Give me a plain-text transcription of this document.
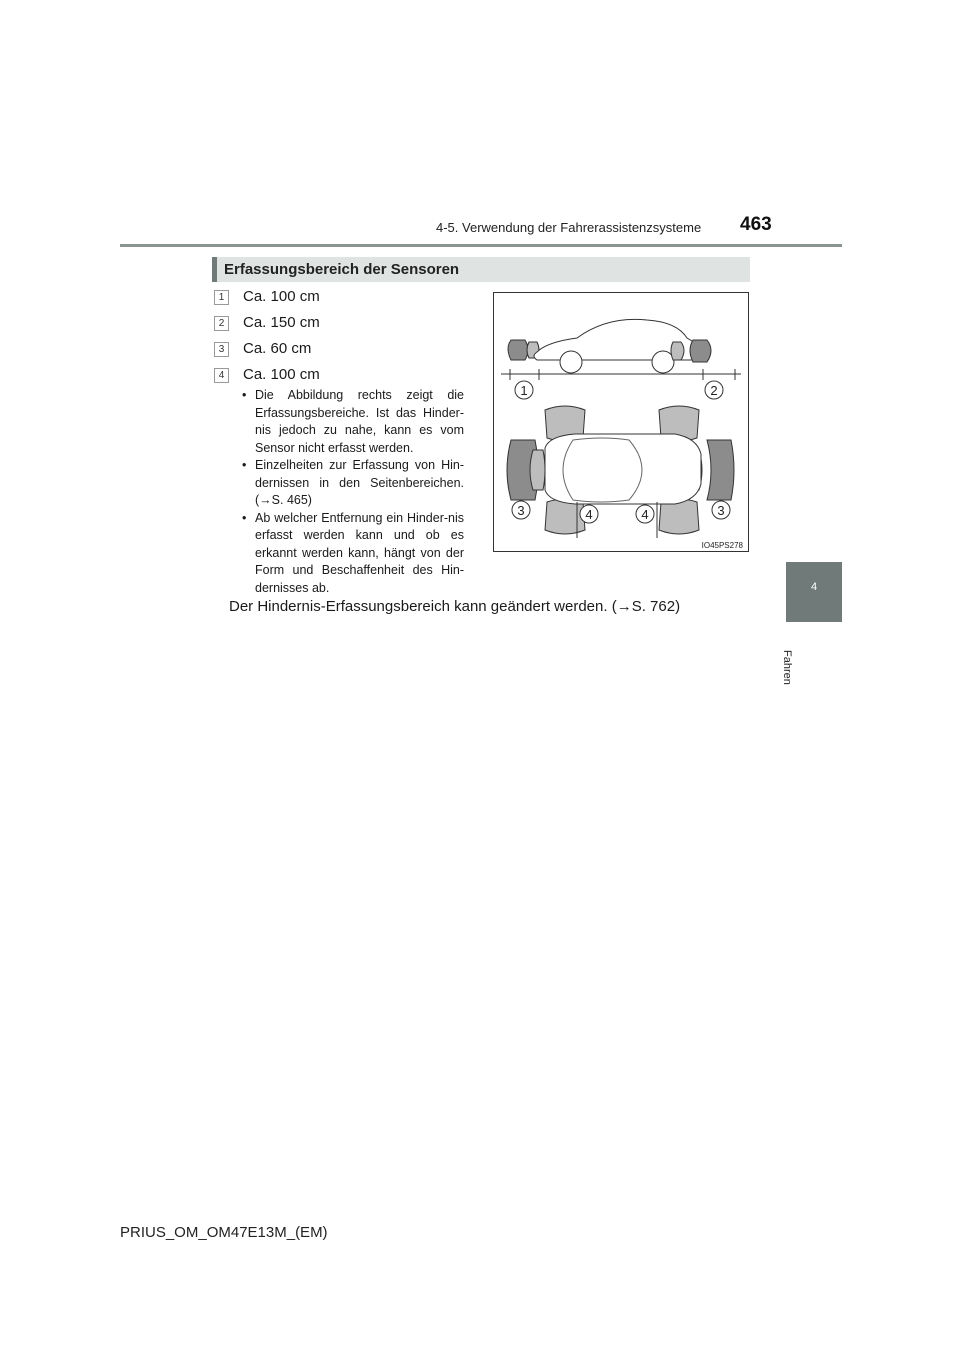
4-5. Verwendung der Fahrerassistenzsysteme 463
4
Fahren
Erfassungsbereich der Sensoren
1	Ca. 100 cm
2	Ca. 150 cm
3	Ca. 60 cm
4	Ca. 100 cm
• Die Abbildung rechts zeigt die Erfassungsbereiche. Ist das Hinder-nis jedoch zu nahe, kann es vom Sensor nicht erfasst werden.
• Einzelheiten zur Erfassung von Hin-dernissen in den Seitenbereichen. (→S. 465)
• Ab welcher Entfernung ein Hinder-nis erfasst werden kann und ob es erkannt werden kann, hängt von der Form und Beschaffenheit des Hin-dernisses ab.
Der Hindernis-Erfassungsbereich kann geändert werden. (→S. 762)
1	2
3	4	4	3
IO45PS278
PRIUS_OM_OM47E13M_(EM)
